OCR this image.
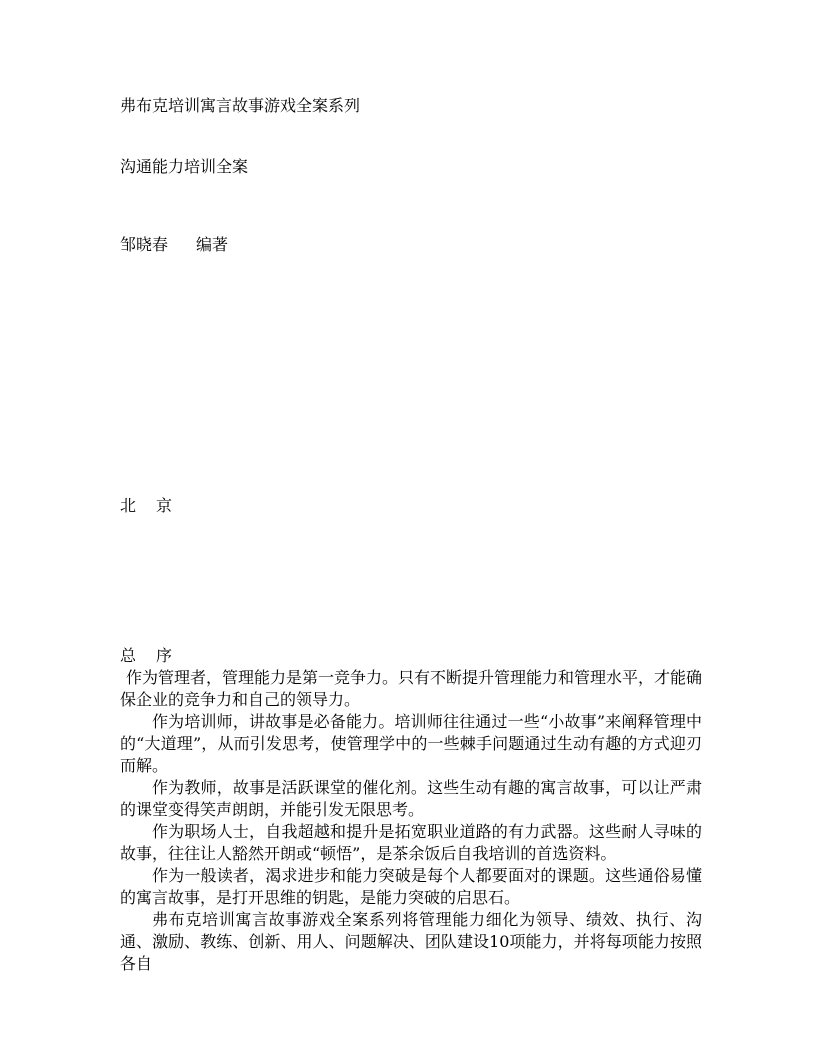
弗布克培训寓言故事游戏全案系列
沟通能力培训全案
邹晓春 编著
北 京

总 序

作为管理者，管理能力是第一竞争力。只有不断提升管理能力和管理水平，才能确保企业的竞争力和自己的领导力。

作为培训师，讲故事是必备能力。培训师往往通过一些“小故事”来阐释管理中的“大道理”，从而引发思考，使管理学中的一些棘手问题通过生动有趣的方式迎刃而解。

作为教师，故事是活跃课堂的催化剂。这些生动有趣的寓言故事，可以让严肃的课堂变得笑声朗朗，并能引发无限思考。

作为职场人士，自我超越和提升是拓宽职业道路的有力武器。这些耐人寻味的故事，往往让人豁然开朗或“顿悟”，是茶余饭后自我培训的首选资料。

作为一般读者，渴求进步和能力突破是每个人都要面对的课题。这些通俗易懂的寓言故事，是打开思维的钥匙，是能力突破的启思石。

弗布克培训寓言故事游戏全案系列将管理能力细化为领导、绩效、执行、沟通、激励、教练、创新、用人、问题解决、团队建设10项能力，并将每项能力按照各自
